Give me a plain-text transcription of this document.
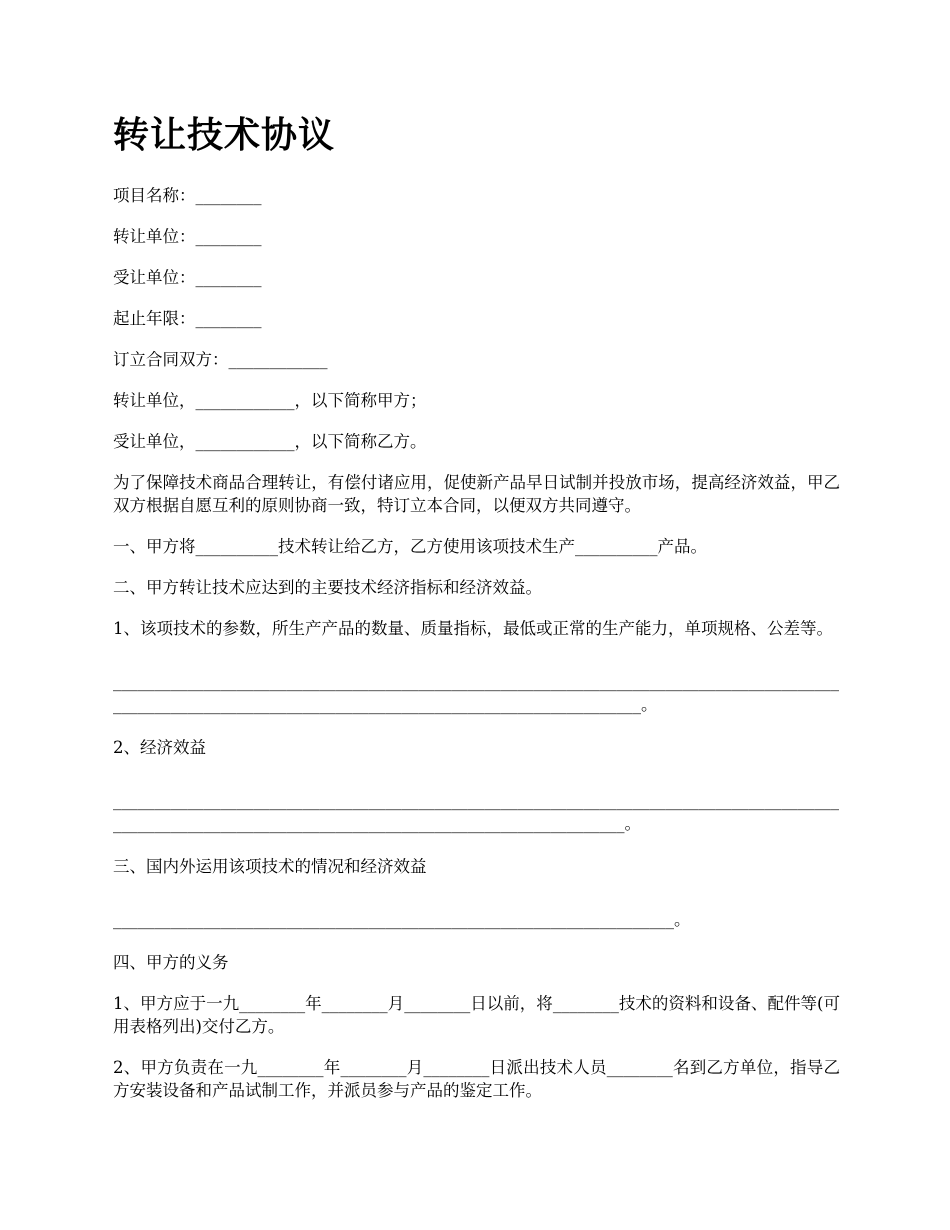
转让技术协议

项目名称：________

转让单位：________

受让单位：________

起止年限：________

订立合同双方：____________

转让单位，____________，以下简称甲方；

受让单位，____________，以下简称乙方。

为了保障技术商品合理转让，有偿付诸应用，促使新产品早日试制并投放市场，提高经济效益，甲乙双方根据自愿互利的原则协商一致，特订立本合同，以便双方共同遵守。

一、甲方将__________技术转让给乙方，乙方使用该项技术生产__________产品。

二、甲方转让技术应达到的主要技术经济指标和经济效益。

1、该项技术的参数，所生产产品的数量、质量指标，最低或正常的生产能力，单项规格、公差等。

________________________________________________________________________________________________________________________________________________________。

2、经济效益

______________________________________________________________________________________________________________________________________________________。

三、国内外运用该项技术的情况和经济效益

____________________________________________________________________。

四、甲方的义务

1、甲方应于一九________年________月________日以前，将________技术的资料和设备、配件等(可用表格列出)交付乙方。

2、甲方负责在一九________年________月________日派出技术人员________名到乙方单位，指导乙方安装设备和产品试制工作，并派员参与产品的鉴定工作。
